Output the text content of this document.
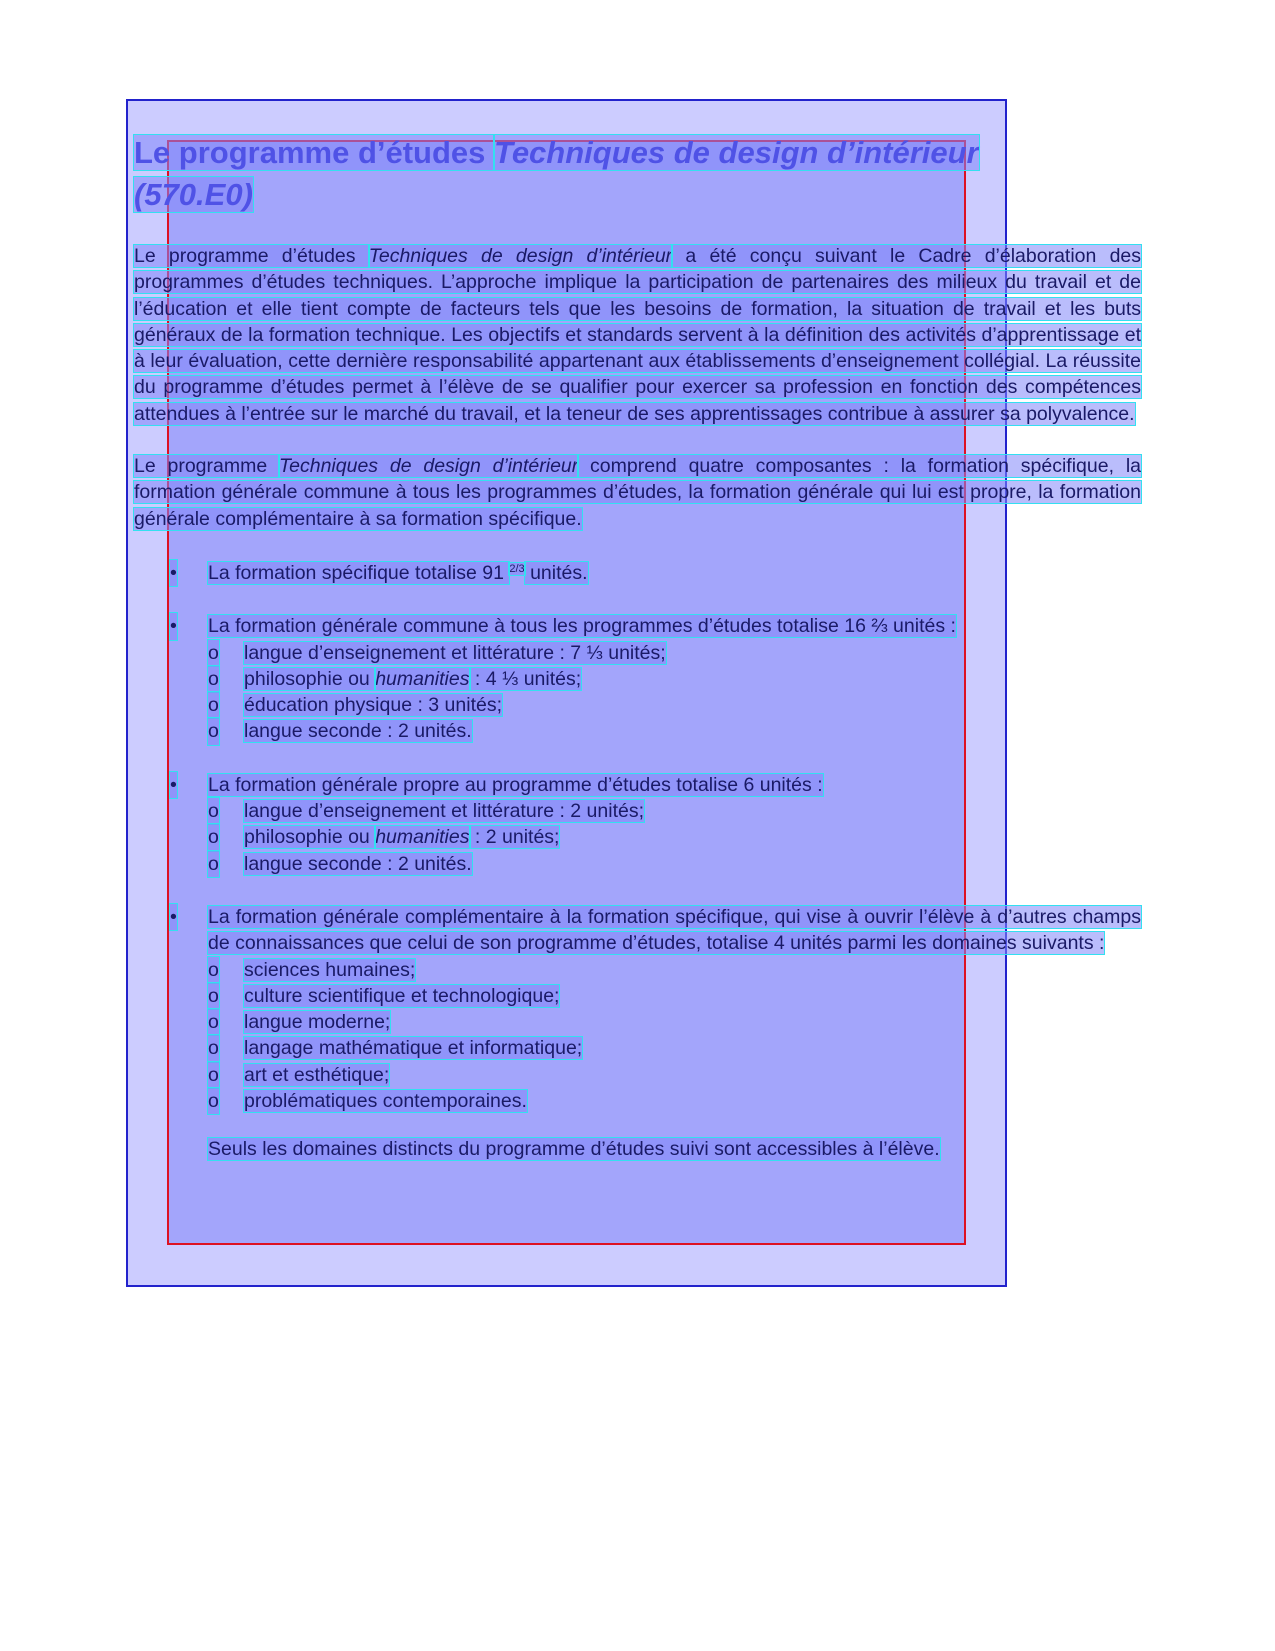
Le programme d’études Techniques de design d’intérieur
(570.E0)

Le programme d’études Techniques de design d’intérieur a été conçu suivant le Cadre d’élaboration des programmes d’études techniques. L’approche implique la participation de partenaires des milieux du travail et de l’éducation et elle tient compte de facteurs tels que les besoins de formation, la situation de travail et les buts généraux de la formation technique. Les objectifs et standards servent à la définition des activités d’apprentissage et à leur évaluation, cette dernière responsabilité appartenant aux établissements d’enseignement collégial. La réussite du programme d’études permet à l’élève de se qualifier pour exercer sa profession en fonction des compétences attendues à l’entrée sur le marché du travail, et la teneur de ses apprentissages contribue à assurer sa polyvalence.

Le programme Techniques de design d’intérieur comprend quatre composantes : la formation spécifique, la formation générale commune à tous les programmes d’études, la formation générale qui lui est propre, la formation générale complémentaire à sa formation spécifique.

• La formation spécifique totalise 91 $^{2/3}$ unités.
• La formation générale commune à tous les programmes d’études totalise 16 ⅔ unités :
o langue d’enseignement et littérature : 7 ⅓ unités;
o philosophie ou humanities : 4 ⅓ unités;
o éducation physique : 3 unités;
o langue seconde : 2 unités.
• La formation générale propre au programme d’études totalise 6 unités :
o langue d’enseignement et littérature : 2 unités;
o philosophie ou humanities : 2 unités;
o langue seconde : 2 unités.
• La formation générale complémentaire à la formation spécifique, qui vise à ouvrir l’élève à d’autres champs de connaissances que celui de son programme d’études, totalise 4 unités parmi les domaines suivants :
o sciences humaines;
o culture scientifique et technologique;
o langue moderne;
o langage mathématique et informatique;
o art et esthétique;
o problématiques contemporaines.
Seuls les domaines distincts du programme d’études suivi sont accessibles à l’élève.
